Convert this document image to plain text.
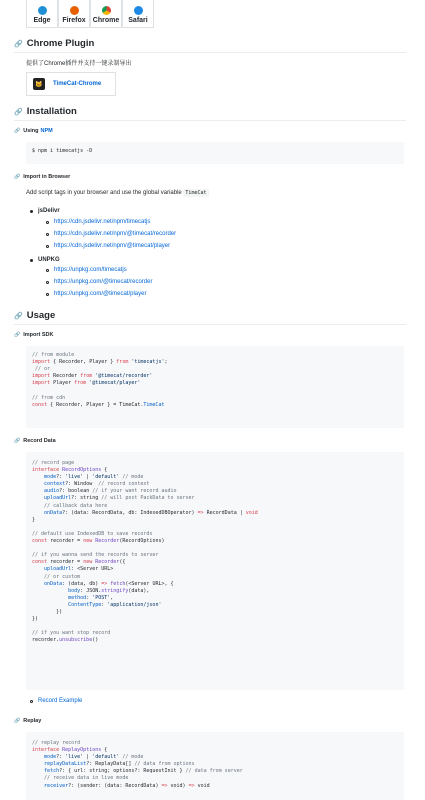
Edge Firefox Chrome Safari
🔗 Chrome Plugin
提供了Chrome插件并支持一键录制导出
🐱	TimeCat-Chrome
🔗 Installation
🔗 Using NPM
$ npm i timecatjs -D
🔗 Import in Browser
Add script tags in your browser and use the global variable TimeCat
jsDelivr
https://cdn.jsdelivr.net/npm/timecatjs
https://cdn.jsdelivr.net/npm/@timecat/recorder
https://cdn.jsdelivr.net/npm/@timecat/player
UNPKG
https://unpkg.com/timecatjs
https://unpkg.com/@timecat/recorder
https://unpkg.com/@timecat/player
🔗 Usage
🔗 Import SDK
// from module
import { Recorder, Player } from 'timecatjs';
// or
import Recorder from '@timecat/recorder'
import Player from '@timecat/player'

// from cdn
const { Recorder, Player } = TimeCat.TimeCat
🔗 Record Data
// record page
interface RecordOptions {
mode?: 'live' | 'default' // mode
context?: Window  // record context
audio?: boolean // if your want record audio
uploadUrl?: string // will post PackData to server
// callback data here
onData?: (data: RecordData, db: IndexedDBOperator) => RecordData | void
}

// default use IndexedDB to save records
const recorder = new Recorder(RecordOptions)

// if you wanna send the records to server
const recorder = new Recorder({
uploadUrl: <Server URL>
// or custom
onData: (data, db) => fetch(<Server URL>, {
body: JSON.stringify(data),
method: 'POST',
ContentType: 'application/json'
})
})

// if you want stop record
recorder.unsubscribe()
Record Example
🔗 Replay
// replay record
interface ReplayOptions {
mode?: 'live' | 'default' // mode
replayDataList?: ReplayData[] // data from options
fetch?: { url: string; options?: RequestInit } // data from server
// receive data in live mode
receiver?: (sender: (data: RecordData) => void) => void
